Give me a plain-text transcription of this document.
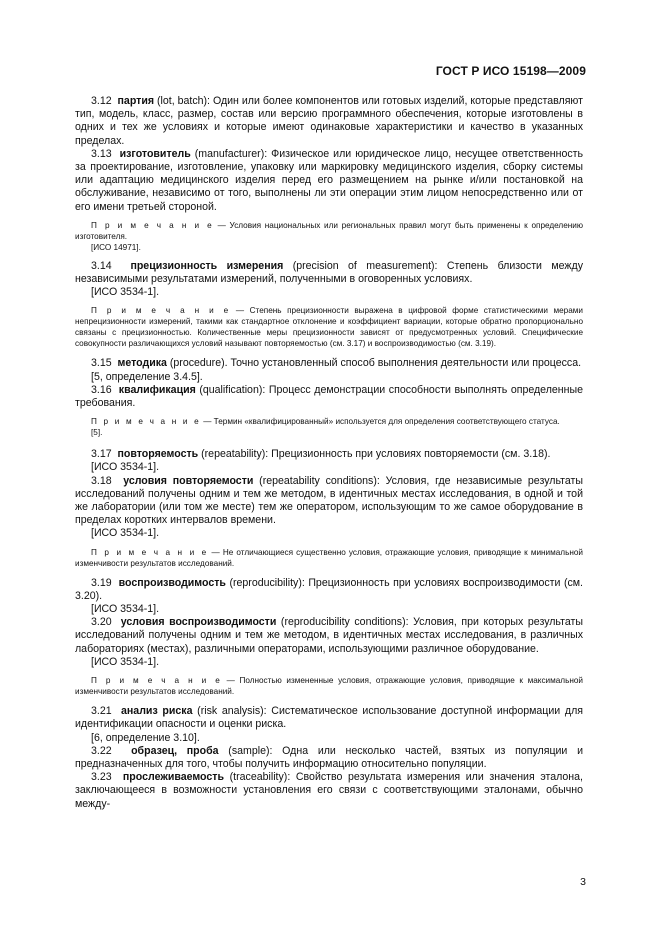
ГОСТ Р ИСО 15198—2009

3.12 партия (lot, batch): Один или более компонентов или готовых изделий, которые представляют тип, модель, класс, размер, состав или версию программного обеспечения, которые изготовлены в одних и тех же условиях и которые имеют одинаковые характеристики и качество в указанных пределах.

3.13 изготовитель (manufacturer): Физическое или юридическое лицо, несущее ответственность за проектирование, изготовление, упаковку или маркировку медицинского изделия, сборку системы или адаптацию медицинского изделия перед его размещением на рынке и/или постановкой на обслуживание, независимо от того, выполнены ли эти операции этим лицом непосредственно или от его имени третьей стороной.

П р и м е ч а н и е — Условия национальных или региональных правил могут быть применены к определению изготовителя.

[ИСО 14971].

3.14 прецизионность измерения (precision of measurement): Степень близости между независимыми результатами измерений, полученными в оговоренных условиях.

[ИСО 3534-1].

П р и м е ч а н и е — Степень прецизионности выражена в цифровой форме статистическими мерами непрецизионности измерений, такими как стандартное отклонение и коэффициент вариации, которые обратно пропорционально связаны с прецизионностью. Количественные меры прецизионности зависят от предусмотренных условий. Специфические совокупности различающихся условий называют повторяемостью (см. 3.17) и воспроизводимостью (см. 3.19).

3.15 методика (procedure). Точно установленный способ выполнения деятельности или процесса.

[5, определение 3.4.5].

3.16 квалификация (qualification): Процесс демонстрации способности выполнять определенные требования.

П р и м е ч а н и е — Термин «квалифицированный» используется для определения соответствующего статуса.

[5].

3.17 повторяемость (repeatability): Прецизионность при условиях повторяемости (см. 3.18).

[ИСО 3534-1].

3.18 условия повторяемости (repeatability conditions): Условия, где независимые результаты исследований получены одним и тем же методом, в идентичных местах исследования, в одной и той же лаборатории (или том же месте) тем же оператором, использующим то же самое оборудование в пределах коротких интервалов времени.

[ИСО 3534-1].

П р и м е ч а н и е — Не отличающиеся существенно условия, отражающие условия, приводящие к минимальной изменчивости результатов исследований.

3.19 воспроизводимость (reproducibility): Прецизионность при условиях воспроизводимости (см. 3.20).

[ИСО 3534-1].

3.20 условия воспроизводимости (reproducibility conditions): Условия, при которых результаты исследований получены одним и тем же методом, в идентичных местах исследования, в различных лабораториях (местах), различными операторами, использующими различное оборудование.

[ИСО 3534-1].

П р и м е ч а н и е — Полностью измененные условия, отражающие условия, приводящие к максимальной изменчивости результатов исследований.

3.21 анализ риска (risk analysis): Систематическое использование доступной информации для идентификации опасности и оценки риска.

[6, определение 3.10].

3.22 образец, проба (sample): Одна или несколько частей, взятых из популяции и предназначенных для того, чтобы получить информацию относительно популяции.

3.23 прослеживаемость (traceability): Свойство результата измерения или значения эталона, заключающееся в возможности установления его связи с соответствующими эталонами, обычно между-

3
